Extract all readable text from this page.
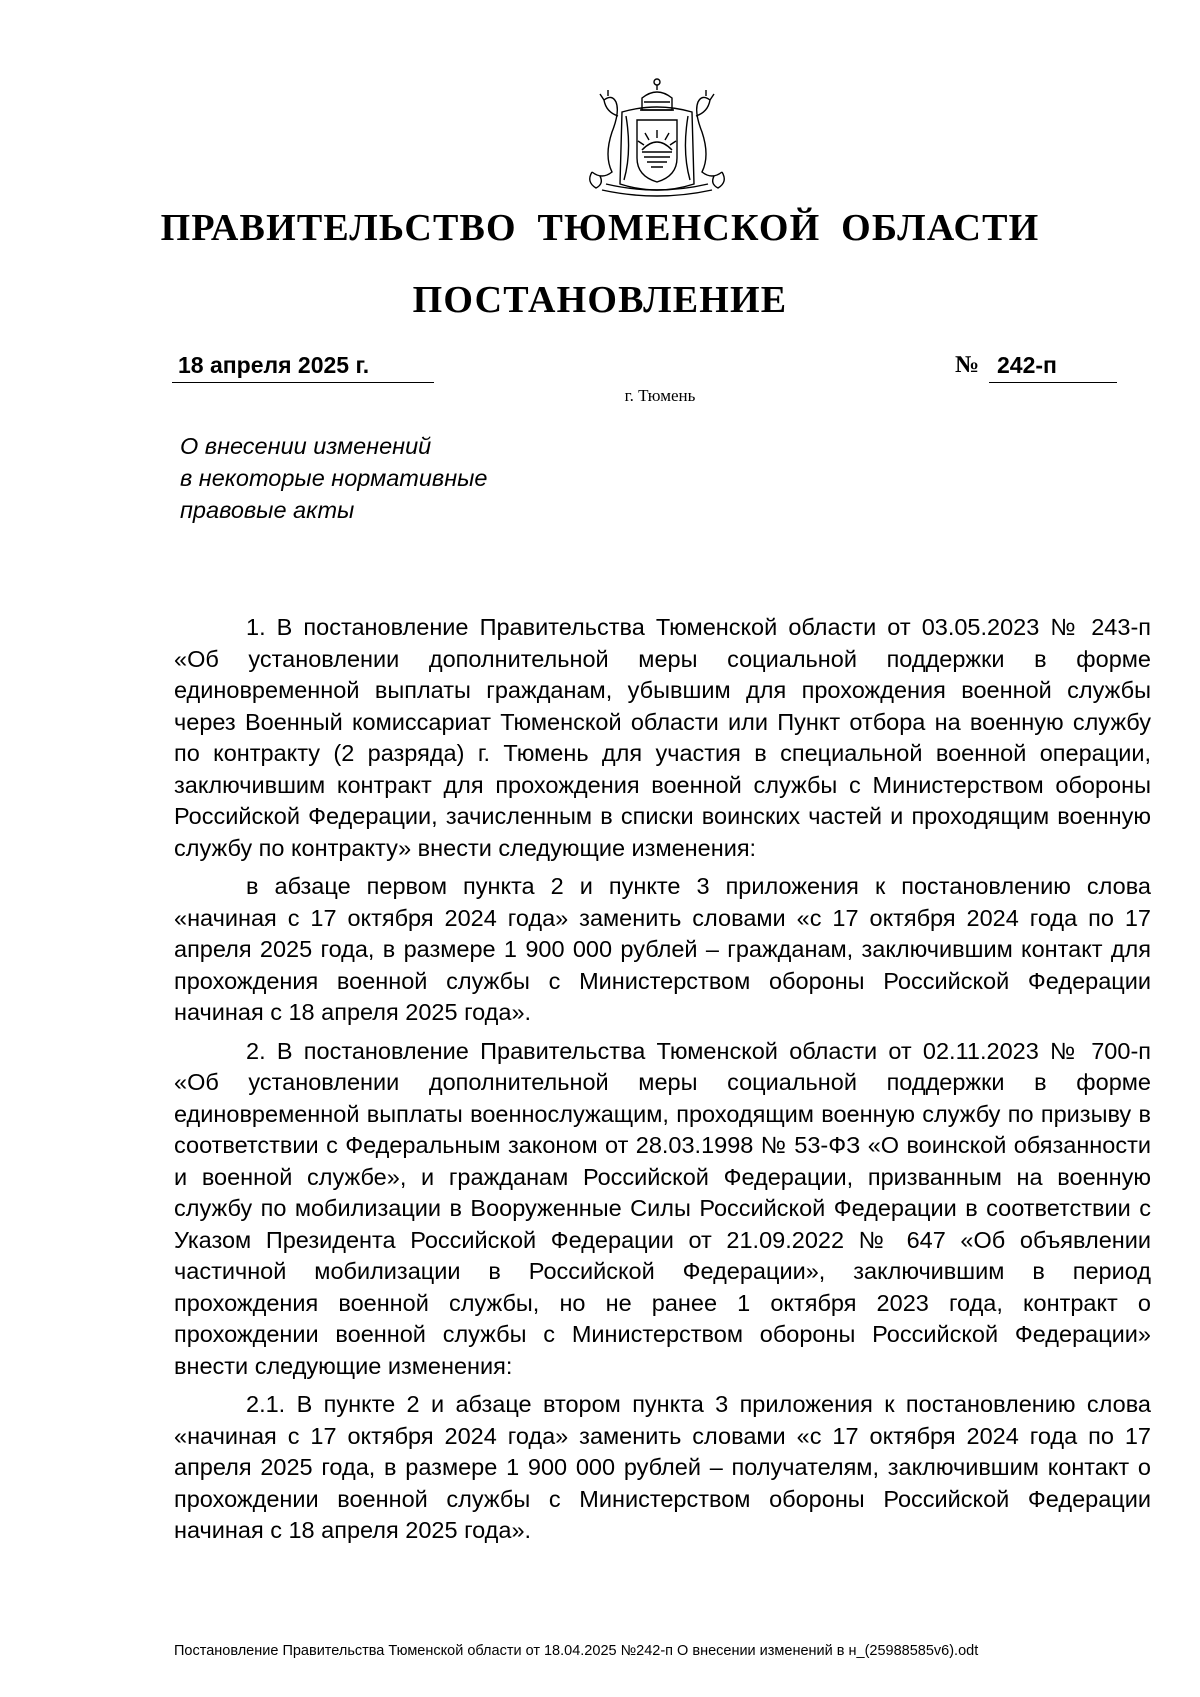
ПРАВИТЕЛЬСТВО ТЮМЕНСКОЙ ОБЛАСТИ
ПОСТАНОВЛЕНИЕ
18 апреля 2025 г.	№ 242-п
г. Тюмень
О внесении изменений
в некоторые нормативные
правовые акты

1. В постановление Правительства Тюменской области от 03.05.2023 № 243-п «Об установлении дополнительной меры социальной поддержки в форме единовременной выплаты гражданам, убывшим для прохождения военной службы через Военный комиссариат Тюменской области или Пункт отбора на военную службу по контракту (2 разряда) г. Тюмень для участия в специальной военной операции, заключившим контракт для прохождения военной службы с Министерством обороны Российской Федерации, зачисленным в списки воинских частей и проходящим военную службу по контракту» внести следующие изменения:

в абзаце первом пункта 2 и пункте 3 приложения к постановлению слова «начиная с 17 октября 2024 года» заменить словами «с 17 октября 2024 года по 17 апреля 2025 года, в размере 1 900 000 рублей – гражданам, заключившим контакт для прохождения военной службы с Министерством обороны Российской Федерации начиная с 18 апреля 2025 года».

2. В постановление Правительства Тюменской области от 02.11.2023 № 700-п «Об установлении дополнительной меры социальной поддержки в форме единовременной выплаты военнослужащим, проходящим военную службу по призыву в соответствии с Федеральным законом от 28.03.1998 № 53-ФЗ «О воинской обязанности и военной службе», и гражданам Российской Федерации, призванным на военную службу по мобилизации в Вооруженные Силы Российской Федерации в соответствии с Указом Президента Российской Федерации от 21.09.2022 № 647 «Об объявлении частичной мобилизации в Российской Федерации», заключившим в период прохождения военной службы, но не ранее 1 октября 2023 года, контракт о прохождении военной службы с Министерством обороны Российской Федерации» внести следующие изменения:

2.1. В пункте 2 и абзаце втором пункта 3 приложения к постановлению слова «начиная с 17 октября 2024 года» заменить словами «с 17 октября 2024 года по 17 апреля 2025 года, в размере 1 900 000 рублей – получателям, заключившим контакт о прохождении военной службы с Министерством обороны Российской Федерации начиная с 18 апреля 2025 года».

Постановление Правительства Тюменской области от 18.04.2025 №242-п О внесении изменений в н_(25988585v6).odt
